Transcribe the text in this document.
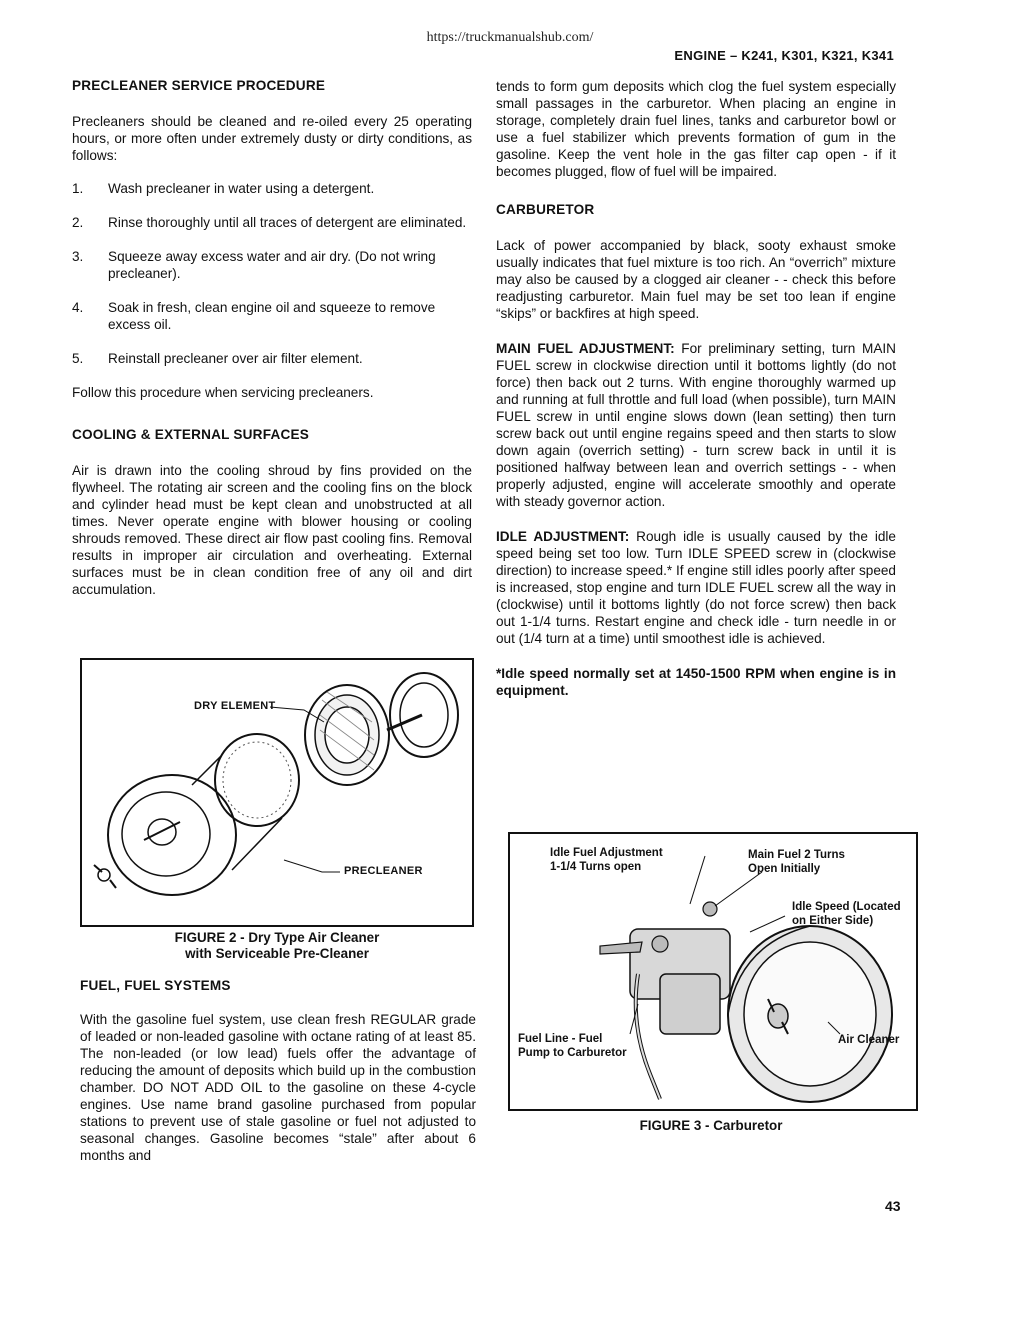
https://truckmanualshub.com/
ENGINE – K241, K301, K321, K341
PRECLEANER SERVICE PROCEDURE

Precleaners should be cleaned and re-oiled every 25 operating hours, or more often under extremely dusty or dirty conditions, as follows:

1.	Wash precleaner in water using a detergent.
2.	Rinse thoroughly until all traces of detergent are eliminated.
3.	Squeeze away excess water and air dry. (Do not wring precleaner).
4.	Soak in fresh, clean engine oil and squeeze to remove excess oil.
5.	Reinstall precleaner over air filter element.

Follow this procedure when servicing precleaners.

COOLING & EXTERNAL SURFACES

Air is drawn into the cooling shroud by fins provided on the flywheel. The rotating air screen and the cooling fins on the block and cylinder head must be kept clean and unobstructed at all times. Never operate engine with blower housing or cooling shrouds removed. These direct air flow past cooling fins. Removal results in improper air circulation and overheating. External surfaces must be in clean condition free of any oil and dirt accumulation.

DRY ELEMENT
PRECLEANER
FIGURE 2 - Dry Type Air Cleaner
with Serviceable Pre-Cleaner
FUEL, FUEL SYSTEMS

With the gasoline fuel system, use clean fresh REGULAR grade of leaded or non-leaded gasoline with octane rating of at least 85. The non-leaded (or low lead) fuels offer the advantage of reducing the amount of deposits which build up in the combustion chamber. DO NOT ADD OIL to the gasoline on these 4-cycle engines. Use name brand gasoline purchased from popular stations to prevent use of stale gasoline or fuel not adjusted to seasonal changes. Gasoline becomes “stale” after about 6 months and

tends to form gum deposits which clog the fuel system especially small passages in the carburetor. When placing an engine in storage, completely drain fuel lines, tanks and carburetor bowl or use a fuel stabilizer which prevents formation of gum in the gasoline. Keep the vent hole in the gas filter cap open - if it becomes plugged, flow of fuel will be impaired.

CARBURETOR

Lack of power accompanied by black, sooty exhaust smoke usually indicates that fuel mixture is too rich. An “overrich” mixture may also be caused by a clogged air cleaner - - check this before readjusting carburetor. Main fuel may be set too lean if engine “skips” or backfires at high speed.

MAIN FUEL ADJUSTMENT: For preliminary setting, turn MAIN FUEL screw in clockwise direction until it bottoms lightly (do not force) then back out 2 turns. With engine thoroughly warmed up and running at full throttle and full load (when possible), turn MAIN FUEL screw in until engine slows down (lean setting) then turn screw back out until engine regains speed and then starts to slow down again (overrich setting) - turn screw back in until it is positioned halfway between lean and overrich settings - - when properly adjusted, engine will accelerate smoothly and operate with steady governor action.

IDLE ADJUSTMENT: Rough idle is usually caused by the idle speed being set too low. Turn IDLE SPEED screw in (clockwise direction) to increase speed.* If engine still idles poorly after speed is increased, stop engine and turn IDLE FUEL screw all the way in (clockwise) until it bottoms lightly (do not force screw) then back out 1-1/4 turns. Restart engine and check idle - turn needle in or out (1/4 turn at a time) until smoothest idle is achieved.

*Idle speed normally set at 1450-1500 RPM when engine is in equipment.

Idle Fuel Adjustment
1-1/4 Turns open
Main Fuel 2 Turns
Open Initially
Idle Speed (Located
on Either Side)
Fuel Line - Fuel
Pump to Carburetor
Air Cleaner
FIGURE 3 - Carburetor
43
